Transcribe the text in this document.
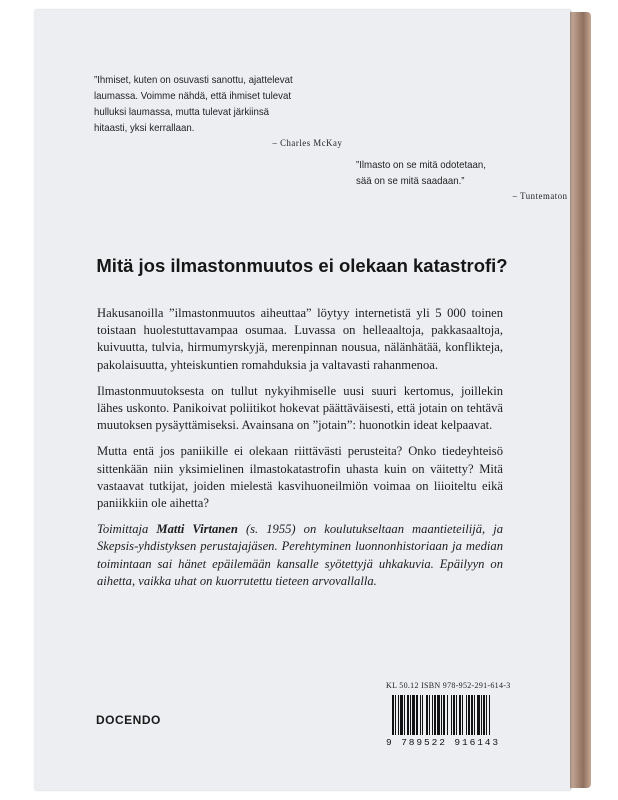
”Ihmiset, kuten on osuvasti sanottu, ajattelevat
laumassa. Voimme nähdä, että ihmiset tulevat
hulluksi laumassa, mutta tulevat järkiinsä
hitaasti, yksi kerrallaan.

– Charles McKay

”Ilmasto on se mitä odotetaan,
sää on se mitä saadaan.”

– Tuntematon
Mitä jos ilmastonmuutos ei olekaan katastrofi?

Hakusanoilla ”ilmastonmuutos aiheuttaa” löytyy internetistä yli 5 000 toinen toistaan huolestuttavampaa osumaa. Luvassa on helleaaltoja, pakkasaaltoja, kuivuutta, tulvia, hirmumyrskyjä, merenpinnan nousua, nälänhätää, konflikteja, pakolaisuutta, yhteiskuntien romahduksia ja valtavasti rahanmenoa.

Ilmastonmuutoksesta on tullut nykyihmiselle uusi suuri kertomus, joillekin lähes uskonto. Panikoivat poliitikot hokevat päättäväisesti, että jotain on tehtävä muutoksen pysäyttämiseksi. Avainsana on ”jotain”: huonotkin ideat kelpaavat.

Mutta entä jos paniikille ei olekaan riittävästi perusteita? Onko tiedeyhteisö sittenkään niin yksimielinen ilmastokatastrofin uhasta kuin on väitetty? Mitä vastaavat tutkijat, joiden mielestä kasvihuoneilmiön voimaa on liioiteltu eikä paniikkiin ole aihetta?

Toimittaja Matti Virtanen (s. 1955) on koulutukseltaan maantieteilijä, ja Skepsis-yhdistyksen perustajajäsen. Perehtyminen luonnonhistoriaan ja median toimintaan sai hänet epäilemään kansalle syötettyjä uhkakuvia. Epäilyyn on aihetta, vaikka uhat on kuorrutettu tieteen arvovallalla.

KL 50.12 ISBN 978-952-291-614-3
9 789522 916143
DOCENDO
